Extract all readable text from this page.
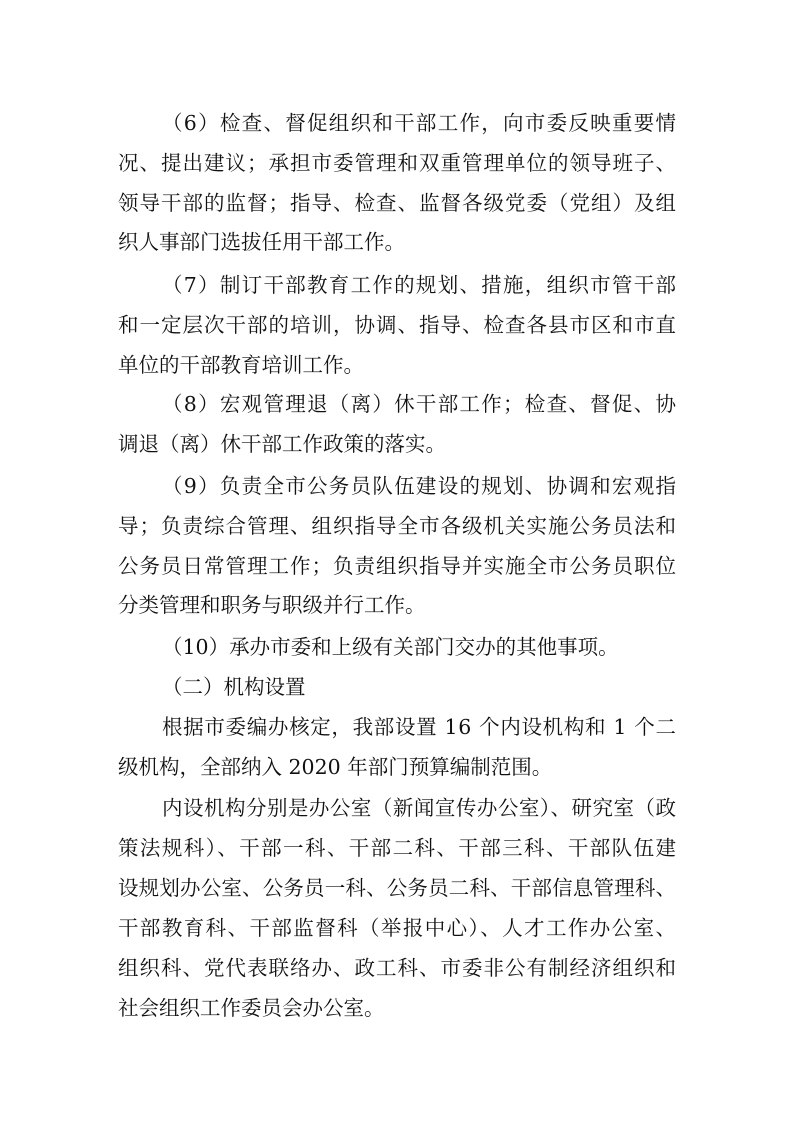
（6）检查、督促组织和干部工作，向市委反映重要情
况、提出建议；承担市委管理和双重管理单位的领导班子、
领导干部的监督；指导、检查、监督各级党委（党组）及组
织人事部门选拔任用干部工作。
（7）制订干部教育工作的规划、措施，组织市管干部
和一定层次干部的培训，协调、指导、检查各县市区和市直
单位的干部教育培训工作。
（8）宏观管理退（离）休干部工作；检查、督促、协
调退（离）休干部工作政策的落实。
（9）负责全市公务员队伍建设的规划、协调和宏观指
导；负责综合管理、组织指导全市各级机关实施公务员法和
公务员日常管理工作；负责组织指导并实施全市公务员职位
分类管理和职务与职级并行工作。
（10）承办市委和上级有关部门交办的其他事项。
（二）机构设置
根据市委编办核定，我部设置 16 个内设机构和 1 个二
级机构，全部纳入 2020 年部门预算编制范围。
内设机构分别是办公室（新闻宣传办公室）、研究室（政
策法规科）、干部一科、干部二科、干部三科、干部队伍建
设规划办公室、公务员一科、公务员二科、干部信息管理科、
干部教育科、干部监督科（举报中心）、人才工作办公室、
组织科、党代表联络办、政工科、市委非公有制经济组织和
社会组织工作委员会办公室。
